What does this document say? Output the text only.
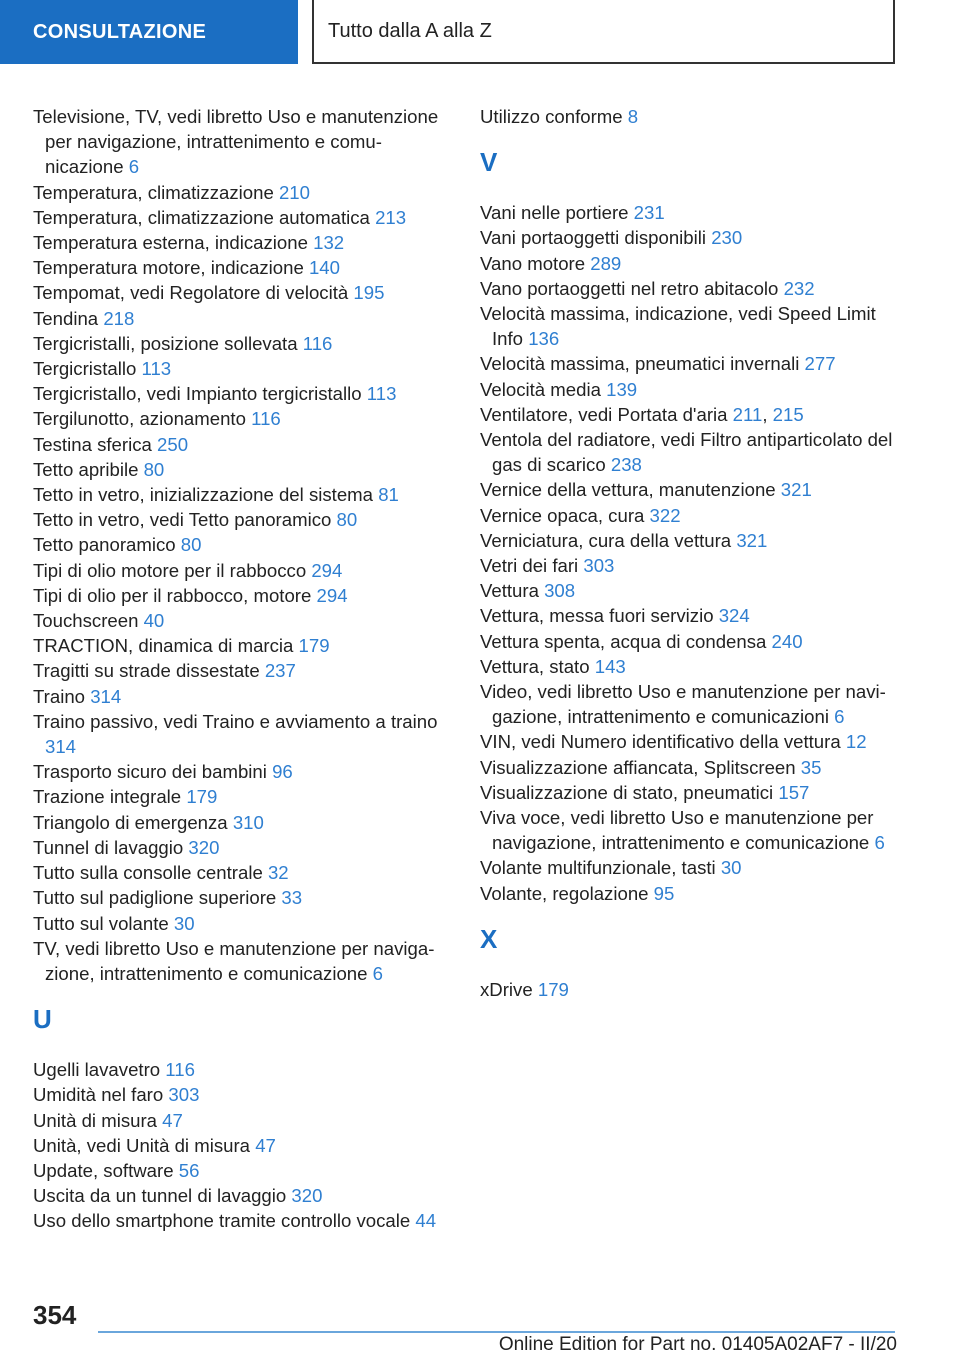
CONSULTAZIONE	Tutto dalla A alla Z
Televisione, TV, vedi libretto Uso e manutenzione per navigazione, intrattenimento e comunicazione 6
Temperatura, climatizzazione 210
Temperatura, climatizzazione automatica 213
Temperatura esterna, indicazione 132
Temperatura motore, indicazione 140
Tempomat, vedi Regolatore di velocità 195
Tendina 218
Tergicristalli, posizione sollevata 116
Tergicristallo 113
Tergicristallo, vedi Impianto tergicristallo 113
Tergilunotto, azionamento 116
Testina sferica 250
Tetto apribile 80
Tetto in vetro, inizializzazione del sistema 81
Tetto in vetro, vedi Tetto panoramico 80
Tetto panoramico 80
Tipi di olio motore per il rabbocco 294
Tipi di olio per il rabbocco, motore 294
Touchscreen 40
TRACTION, dinamica di marcia 179
Tragitti su strade dissestate 237
Traino 314
Traino passivo, vedi Traino e avviamento a traino 314
Trasporto sicuro dei bambini 96
Trazione integrale 179
Triangolo di emergenza 310
Tunnel di lavaggio 320
Tutto sulla consolle centrale 32
Tutto sul padiglione superiore 33
Tutto sul volante 30
TV, vedi libretto Uso e manutenzione per navigazione, intrattenimento e comunicazione 6
U
Ugelli lavavetro 116
Umidità nel faro 303
Unità di misura 47
Unità, vedi Unità di misura 47
Update, software 56
Uscita da un tunnel di lavaggio 320
Uso dello smartphone tramite controllo vocale 44
Utilizzo conforme 8
V
Vani nelle portiere 231
Vani portaoggetti disponibili 230
Vano motore 289
Vano portaoggetti nel retro abitacolo 232
Velocità massima, indicazione, vedi Speed Limit Info 136
Velocità massima, pneumatici invernali 277
Velocità media 139
Ventilatore, vedi Portata d'aria 211, 215
Ventola del radiatore, vedi Filtro antiparticolato del gas di scarico 238
Vernice della vettura, manutenzione 321
Vernice opaca, cura 322
Verniciatura, cura della vettura 321
Vetri dei fari 303
Vettura 308
Vettura, messa fuori servizio 324
Vettura spenta, acqua di condensa 240
Vettura, stato 143
Video, vedi libretto Uso e manutenzione per navigazione, intrattenimento e comunicazioni 6
VIN, vedi Numero identificativo della vettura 12
Visualizzazione affiancata, Splitscreen 35
Visualizzazione di stato, pneumatici 157
Viva voce, vedi libretto Uso e manutenzione per navigazione, intrattenimento e comunicazione 6
Volante multifunzionale, tasti 30
Volante, regolazione 95
X
xDrive 179
354
Online Edition for Part no. 01405A02AF7 - II/20
